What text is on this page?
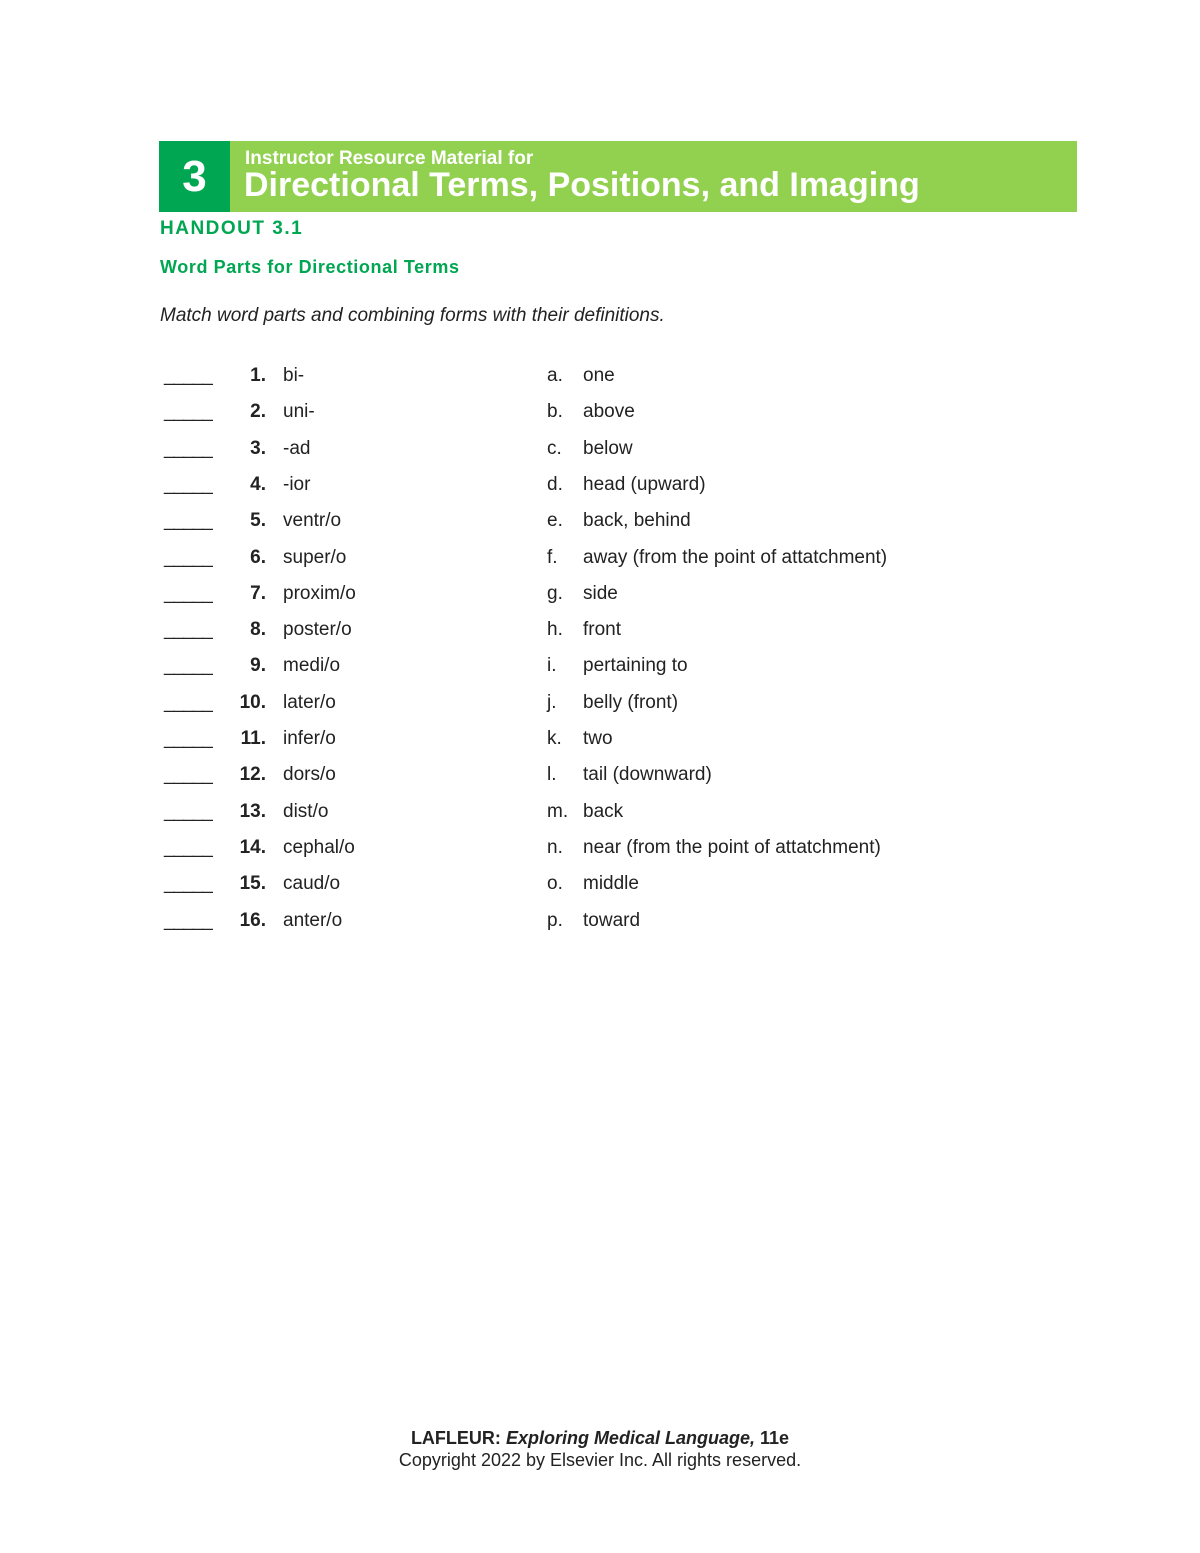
3	Instructor Resource Material for
Directional Terms, Positions, and Imaging
HANDOUT 3.1
Word Parts for Directional Terms
Match word parts and combining forms with their definitions.
_____	1. bi-	a. one
_____	2. uni-	b. above
_____	3. -ad	c. below
_____	4. -ior	d. head (upward)
_____	5. ventr/o	e. back, behind
_____	6. super/o	f. away (from the point of attatchment)
_____	7. proxim/o	g. side
_____	8. poster/o	h. front
_____	9. medi/o	i. pertaining to
_____	10. later/o	j. belly (front)
_____	11. infer/o	k. two
_____	12. dors/o	l. tail (downward)
_____	13. dist/o	m. back
_____	14. cephal/o	n. near (from the point of attatchment)
_____	15. caud/o	o. middle
_____	16. anter/o	p. toward
LAFLEUR: Exploring Medical Language, 11e
Copyright 2022 by Elsevier Inc. All rights reserved.
